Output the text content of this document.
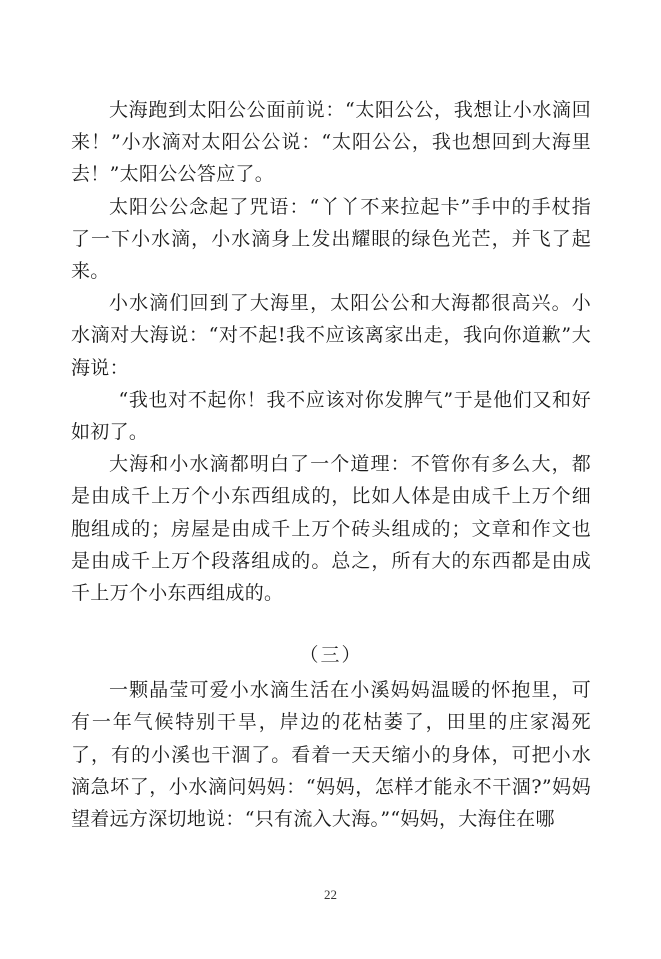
大海跑到太阳公公面前说：“太阳公公，我想让小水滴回来！”小水滴对太阳公公说：“太阳公公，我也想回到大海里去！”太阳公公答应了。

太阳公公念起了咒语：“丫丫不来拉起卡”手中的手杖指了一下小水滴，小水滴身上发出耀眼的绿色光芒，并飞了起来。

小水滴们回到了大海里，太阳公公和大海都很高兴。小水滴对大海说：“对不起!我不应该离家出走，我向你道歉”大海说：

“我也对不起你！我不应该对你发脾气”于是他们又和好如初了。

大海和小水滴都明白了一个道理：不管你有多么大，都是由成千上万个小东西组成的，比如人体是由成千上万个细胞组成的；房屋是由成千上万个砖头组成的；文章和作文也是由成千上万个段落组成的。总之，所有大的东西都是由成千上万个小东西组成的。

（三）

一颗晶莹可爱小水滴生活在小溪妈妈温暖的怀抱里，可有一年气候特别干旱，岸边的花枯萎了，田里的庄家渴死了，有的小溪也干涸了。看着一天天缩小的身体，可把小水滴急坏了，小水滴问妈妈：“妈妈，怎样才能永不干涸?”妈妈望着远方深切地说：“只有流入大海。”“妈妈，大海住在哪

22
